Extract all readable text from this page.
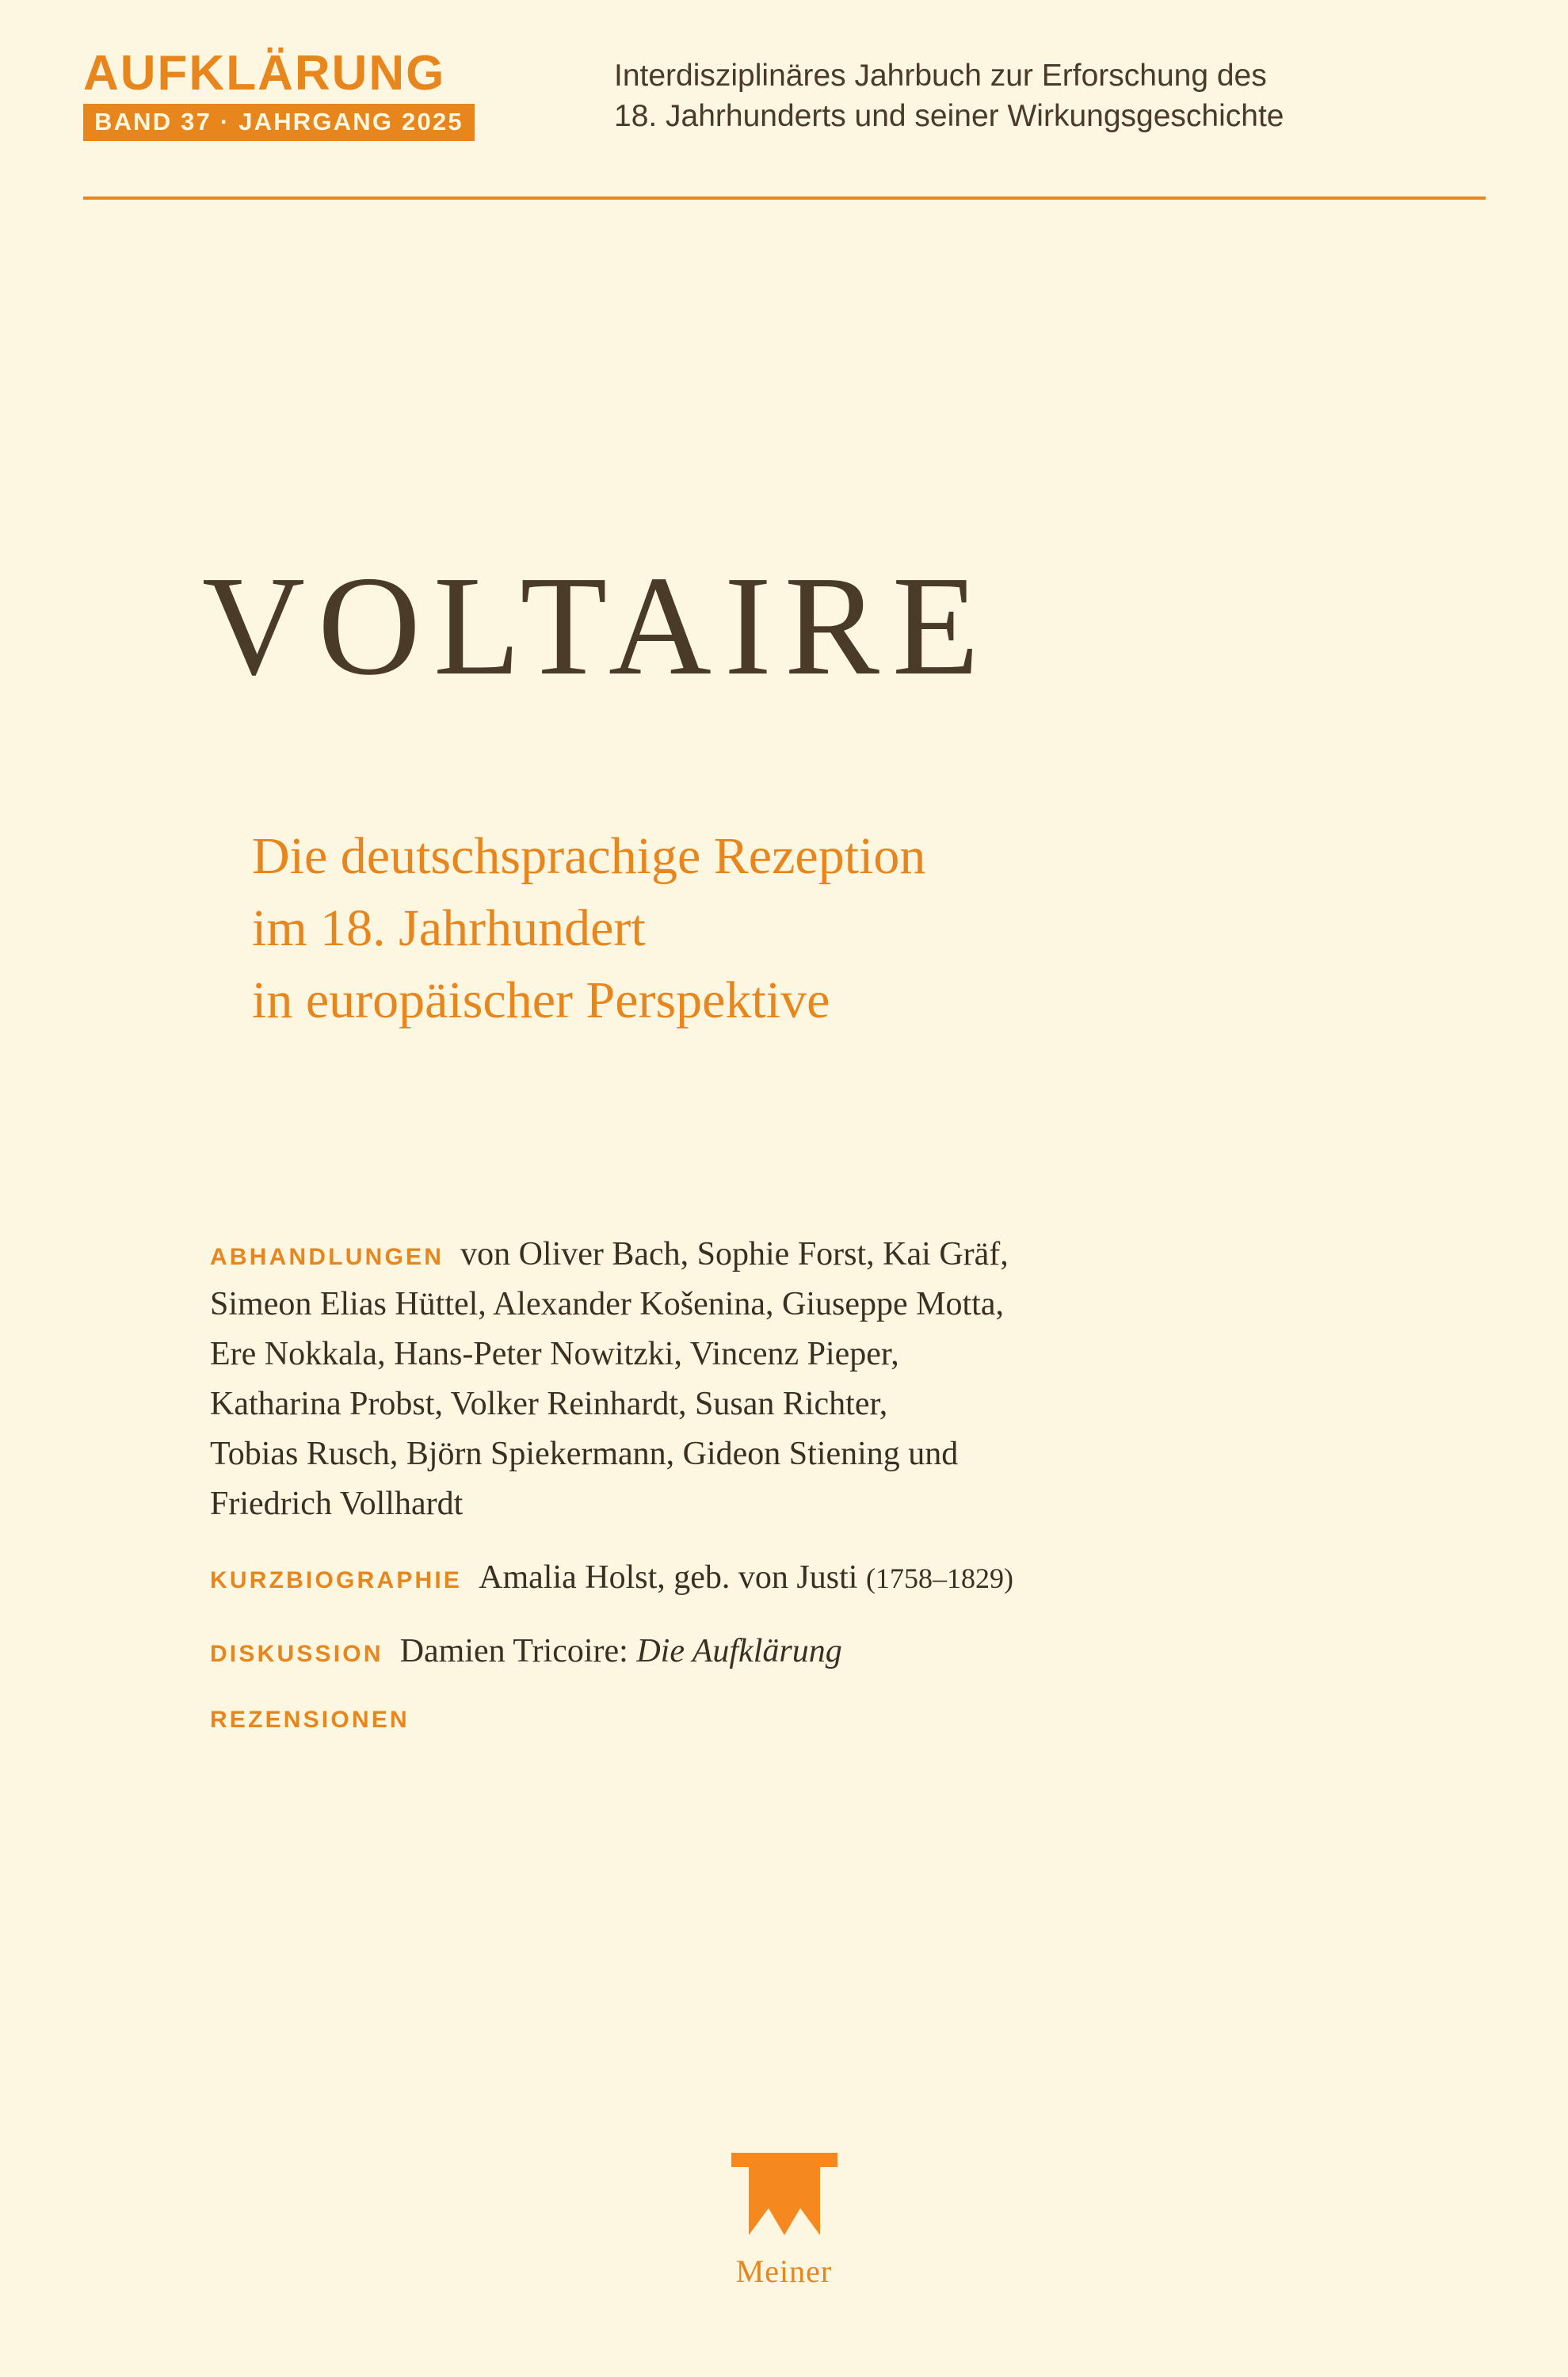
AUFKLÄRUNG
BAND 37 · JAHRGANG 2025
Interdisziplinäres Jahrbuch zur Erforschung des
18. Jahrhunderts und seiner Wirkungsgeschichte
VOLTAIRE
Die deutschsprachige Rezeption
im 18. Jahrhundert
in europäischer Perspektive
ABHANDLUNGEN von Oliver Bach, Sophie Forst, Kai Gräf,
Simeon Elias Hüttel, Alexander Košenina, Giuseppe Motta,
Ere Nokkala, Hans-Peter Nowitzki, Vincenz Pieper,
Katharina Probst, Volker Reinhardt, Susan Richter,
Tobias Rusch, Björn Spiekermann, Gideon Stiening und
Friedrich Vollhardt
KURZBIOGRAPHIE Amalia Holst, geb. von Justi (1758–1829)
DISKUSSION Damien Tricoire: Die Aufklärung
REZENSIONEN
Meiner
